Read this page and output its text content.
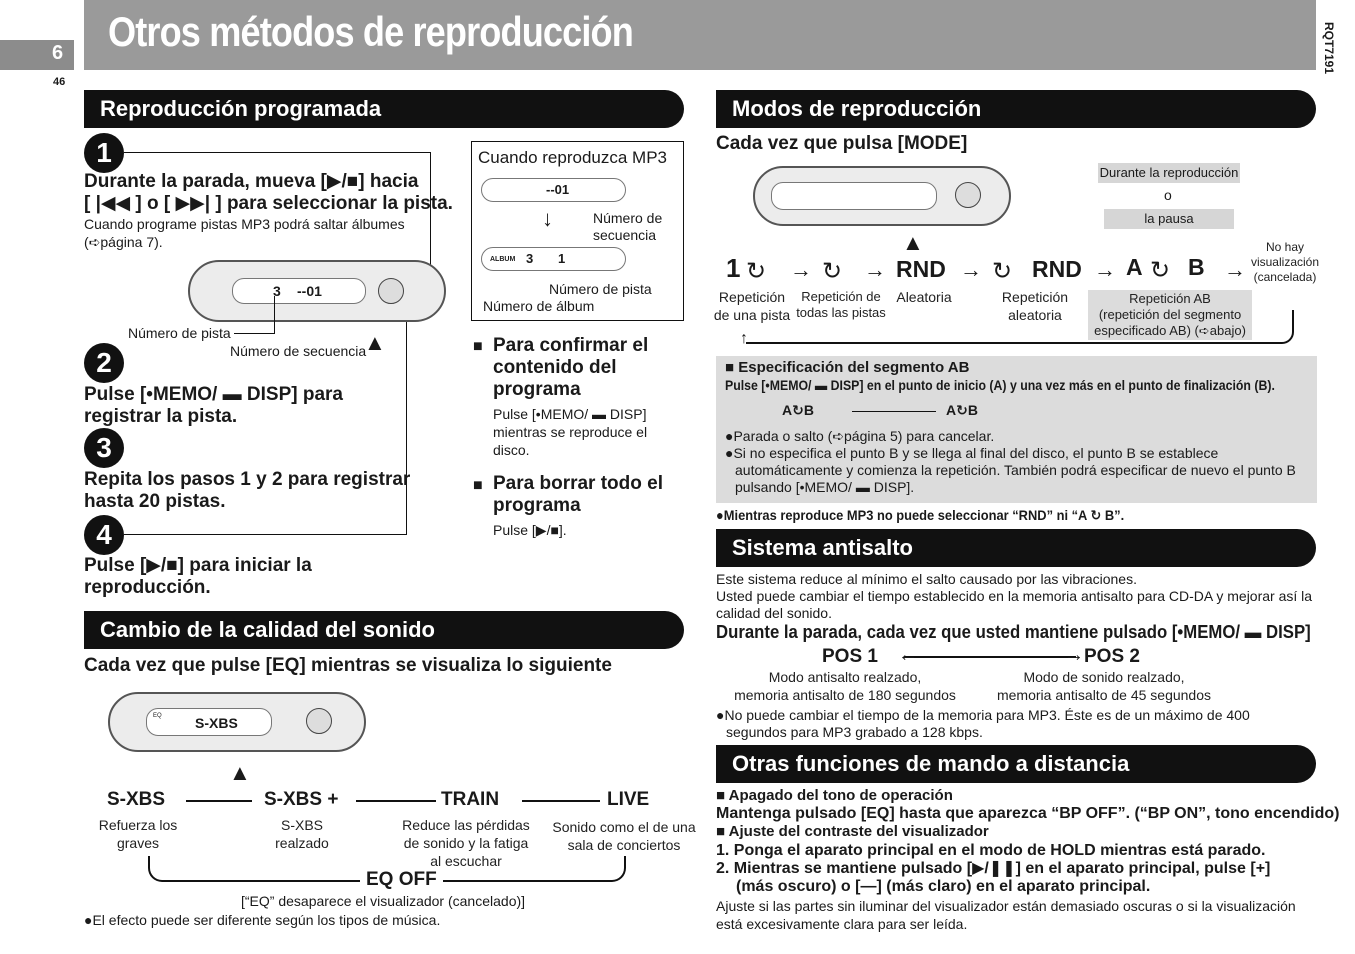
6
46
Otros métodos de reproducción	RQT7191
Reproducción programada
1
Durante la parada, mueva [▶/■] hacia
[ |◀◀ ] o [ ▶▶| ] para seleccionar la pista.
Cuando programe pistas MP3 podrá saltar álbumes
(➪página 7).
3 --01
▲
Número de pista
Número de secuencia
2
Pulse [•MEMO/ ▬ DISP] para
registrar la pista.
3
Repita los pasos 1 y 2 para registrar
hasta 20 pistas.
4
Pulse [▶/■] para iniciar la
reproducción.
Cuando reproduzca MP3
--01
↓	Número de
secuencia
ALBUM 3 1
Número de pista
Número de álbum
■ Para confirmar el
contenido del
programa
Pulse [•MEMO/ ▬ DISP]
mientras se reproduce el
disco.
■ Para borrar todo el
programa
Pulse [▶/■].
Cambio de la calidad del sonido
Cada vez que pulse [EQ] mientras se visualiza lo siguiente
EQ S-XBS
▲
S-XBS	S-XBS +	TRAIN	LIVE
Refuerza los
graves
S-XBS
realzado
Reduce las pérdidas
de sonido y la fatiga
al escuchar
Sonido como el de una
sala de conciertos
EQ OFF
[“EQ” desaparece el visualizador (cancelado)]
●El efecto puede ser diferente según los tipos de música.
Modos de reproducción
Cada vez que pulsa [MODE]
▲
Durante la reproducción
o
la pausa
1 ↻ → ↻ → RND → ↻ RND → A ↻ B →
No hay
visualización
(cancelada)
Repetición
de una pista
Repetición de
todas las pistas
Aleatoria	Repetición
aleatoria
Repetición AB
(repetición del segmento
especificado AB) (➪abajo)
↑
■ Especificación del segmento AB
Pulse [•MEMO/ ▬ DISP] en el punto de inicio (A) y una vez más en el punto de finalización (B).
A↻B	A↻B
●Parada o salto (➪página 5) para cancelar.
●Si no especifica el punto B y se llega al final del disco, el punto B se establece
automáticamente y comienza la repetición. También podrá especificar de nuevo el punto B
pulsando [•MEMO/ ▬ DISP].
●Mientras reproduce MP3 no puede seleccionar “RND” ni “A ↻ B”.
Sistema antisalto
Este sistema reduce al mínimo el salto causado por las vibraciones.
Usted puede cambiar el tiempo establecido en la memoria antisalto para CD-DA y mejorar así la
calidad del sonido.
Durante la parada, cada vez que usted mantiene pulsado [•MEMO/ ▬ DISP]
POS 1 ←	→ POS 2
Modo antisalto realzado,
memoria antisalto de 180 segundos
Modo de sonido realzado,
memoria antisalto de 45 segundos
●No puede cambiar el tiempo de la memoria para MP3. Éste es de un máximo de 400
segundos para MP3 grabado a 128 kbps.
Otras funciones de mando a distancia
■ Apagado del tono de operación
Mantenga pulsado [EQ] hasta que aparezca “BP OFF”. (“BP ON”, tono encendido)
■ Ajuste del contraste del visualizador
1. Ponga el aparato principal en el modo de HOLD mientras está parado.
2. Mientras se mantiene pulsado [▶/❚❚] en el aparato principal, pulse [+]
(más oscuro) o [—] (más claro) en el aparato principal.
Ajuste si las partes sin iluminar del visualizador están demasiado oscuras o si la visualización
está excesivamente clara para ser leída.
